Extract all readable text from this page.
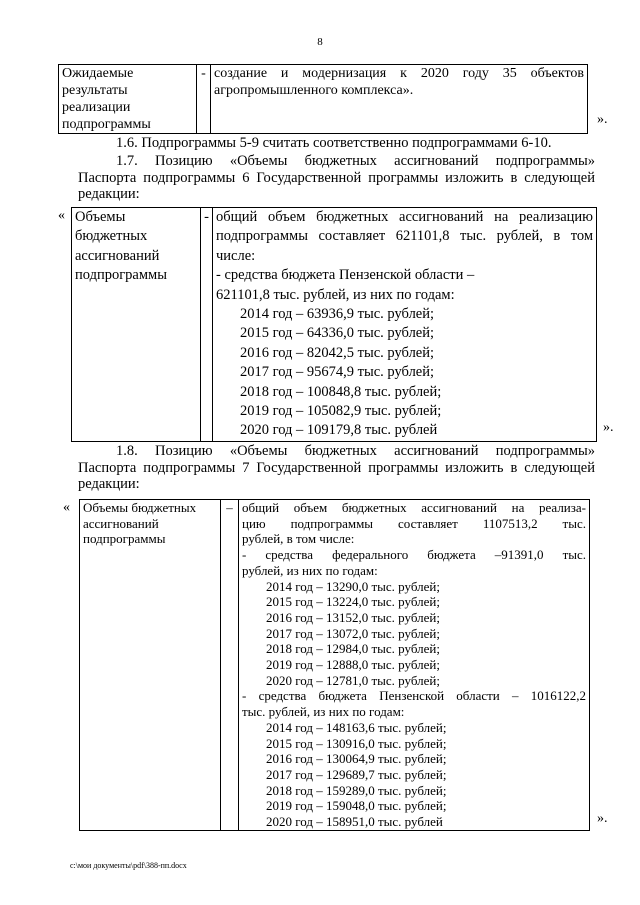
8
Ожидаемые
результаты
реализации
подпрограммы
	-	создание и модернизация к 2020 году 35 объектов
агропромышленного комплекса».
».
1.6. Подпрограммы 5-9 считать соответственно подпрограммами 6-10.
1.7. Позицию «Объемы бюджетных ассигнований подпрограммы»
Паспорта подпрограммы 6 Государственной программы изложить в следующей
редакции:
« Объемы
бюджетных
ассигнований
подпрограммы
	-	общий объем бюджетных ассигнований на реализацию
подпрограммы составляет 621101,8 тыс. рублей, в том
числе:
- средства бюджета Пензенской области –
621101,8 тыс. рублей, из них по годам:
2014 год – 63936,9 тыс. рублей;
2015 год – 64336,0 тыс. рублей;
2016 год – 82042,5 тыс. рублей;
2017 год – 95674,9 тыс. рублей;
2018 год – 100848,8 тыс. рублей;
2019 год – 105082,9 тыс. рублей;
2020 год – 109179,8 тыс. рублей	».
1.8. Позицию «Объемы бюджетных ассигнований подпрограммы»
Паспорта подпрограммы 7 Государственной программы изложить в следующей
редакции:
« Объемы бюджетных
ассигнований
подпрограммы
	–	общий объем бюджетных ассигнований на реализа-
цию подпрограммы составляет 1107513,2 тыс.
рублей, в том числе:
- средства федерального бюджета –91391,0 тыс.
рублей, из них по годам:
2014 год – 13290,0 тыс. рублей;
2015 год – 13224,0 тыс. рублей;
2016 год – 13152,0 тыс. рублей;
2017 год – 13072,0 тыс. рублей;
2018 год – 12984,0 тыс. рублей;
2019 год – 12888,0 тыс. рублей;
2020 год – 12781,0 тыс. рублей;
- средства бюджета Пензенской области – 1016122,2
тыс. рублей, из них по годам:
2014 год – 148163,6 тыс. рублей;
2015 год – 130916,0 тыс. рублей;
2016 год – 130064,9 тыс. рублей;
2017 год – 129689,7 тыс. рублей;
2018 год – 159289,0 тыс. рублей;
2019 год – 159048,0 тыс. рублей;
2020 год – 158951,0 тыс. рублей	».
c:\мои документы\pdf\388-пп.docx
